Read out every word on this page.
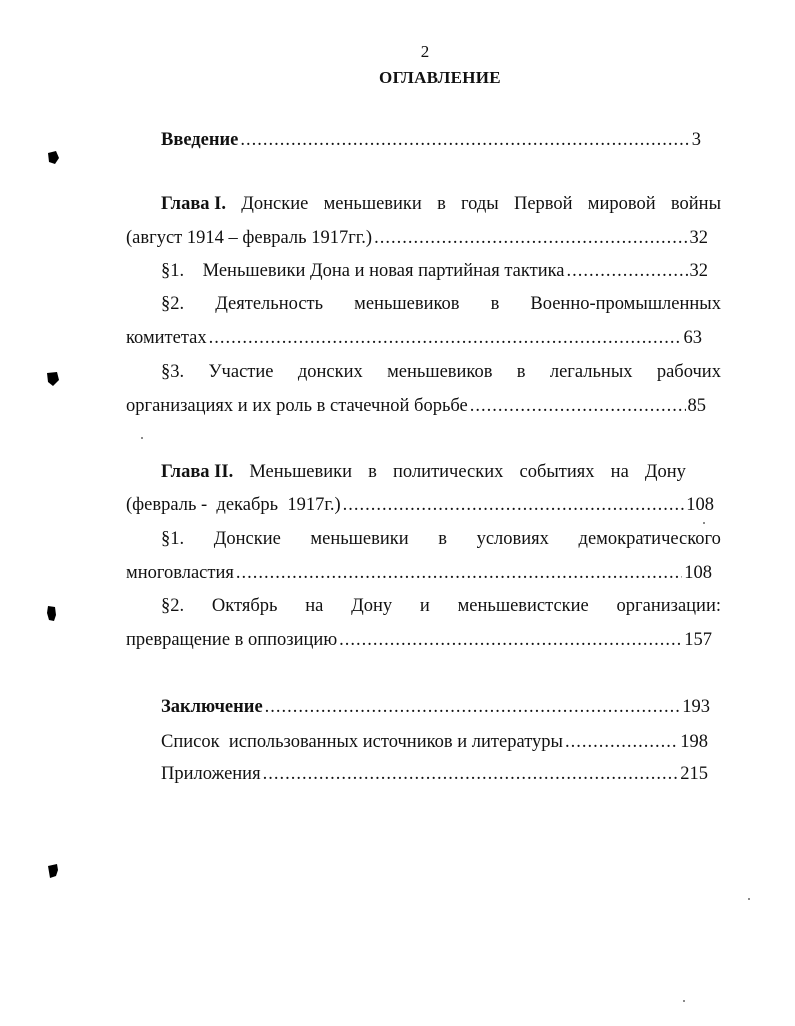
2
ОГЛАВЛЕНИЕ
Введение .....	3
Глава I. Донские меньшевики в годы Первой мировой войны
(август 1914 – февраль 1917гг.) .....	32
§1.    Меньшевики Дона и новая партийная тактика .....	32
§2. Деятельность меньшевиков в Военно-промышленных
комитетах .....	63
§3. Участие донских меньшевиков в легальных рабочих
организациях и их роль в стачечной борьбе .....	85
Глава II. Меньшевики в политических событиях на Дону
(февраль -  декабрь  1917г.) .....	108
§1. Донские меньшевики в условиях демократического
многовластия .....	108
§2. Октябрь на Дону и меньшевистские организации:
превращение в оппозицию .....	157
Заключение .....	193
Список  использованных источников и литературы .....	198
Приложения .....	215
